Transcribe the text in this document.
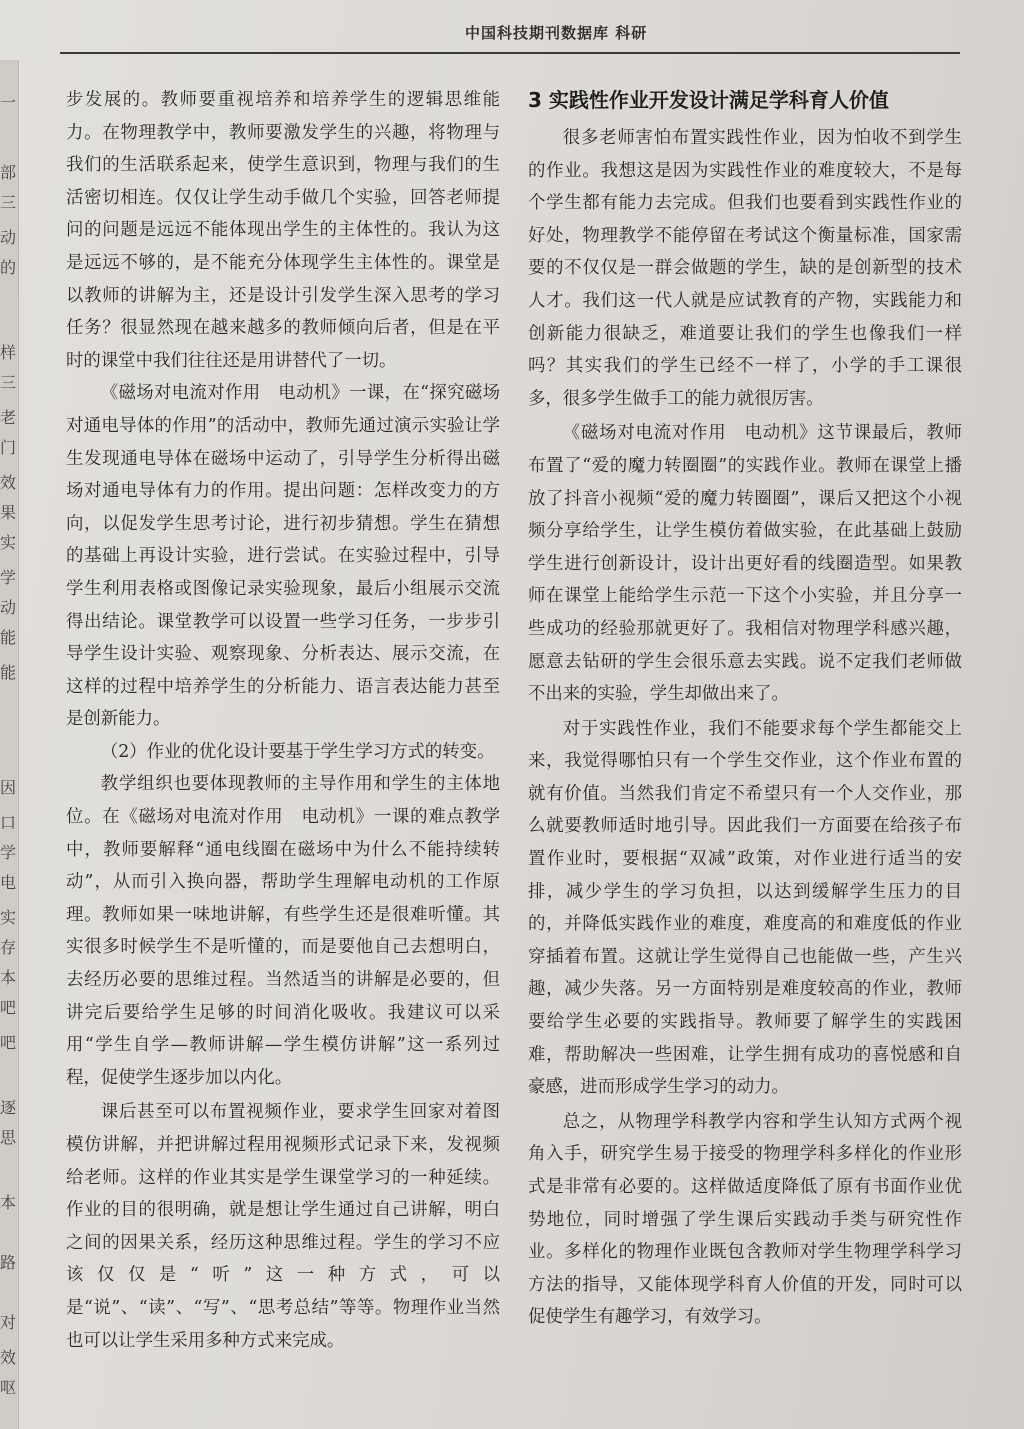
一
部
三
动
的
样
三
老
门
效
果
实
学
动
能
能
因
口
学
电
实
存
本
吧
吧
逐
思
本
路
对
效
呕
中国科技期刊数据库 科研

步发展的。教师要重视培养和培养学生的逻辑思维能力。在物理教学中，教师要激发学生的兴趣，将物理与我们的生活联系起来，使学生意识到，物理与我们的生活密切相连。仅仅让学生动手做几个实验，回答老师提问的问题是远远不能体现出学生的主体性的。我认为这是远远不够的，是不能充分体现学生主体性的。课堂是以教师的讲解为主，还是设计引发学生深入思考的学习任务？很显然现在越来越多的教师倾向后者，但是在平时的课堂中我们往往还是用讲替代了一切。

《磁场对电流对作用　电动机》一课，在“探究磁场对通电导体的作用”的活动中，教师先通过演示实验让学生发现通电导体在磁场中运动了，引导学生分析得出磁场对通电导体有力的作用。提出问题：怎样改变力的方向，以促发学生思考讨论，进行初步猜想。学生在猜想的基础上再设计实验，进行尝试。在实验过程中，引导学生利用表格或图像记录实验现象，最后小组展示交流得出结论。课堂教学可以设置一些学习任务，一步步引导学生设计实验、观察现象、分析表达、展示交流，在这样的过程中培养学生的分析能力、语言表达能力甚至是创新能力。

（2）作业的优化设计要基于学生学习方式的转变。

教学组织也要体现教师的主导作用和学生的主体地位。在《磁场对电流对作用　电动机》一课的难点教学中，教师要解释“通电线圈在磁场中为什么不能持续转动”，从而引入换向器，帮助学生理解电动机的工作原理。教师如果一味地讲解，有些学生还是很难听懂。其实很多时候学生不是听懂的，而是要他自己去想明白，去经历必要的思维过程。当然适当的讲解是必要的，但讲完后要给学生足够的时间消化吸收。我建议可以采用“学生自学—教师讲解—学生模仿讲解”这一系列过程，促使学生逐步加以内化。

课后甚至可以布置视频作业，要求学生回家对着图模仿讲解，并把讲解过程用视频形式记录下来，发视频给老师。这样的作业其实是学生课堂学习的一种延续。作业的目的很明确，就是想让学生通过自己讲解，明白之间的因果关系，经历这种思维过程。学生的学习不应该仅仅是“听”这一种方式，可以是“说”、“读”、“写”、“思考总结”等等。物理作业当然也可以让学生采用多种方式来完成。

3 实践性作业开发设计满足学科育人价值

很多老师害怕布置实践性作业，因为怕收不到学生的作业。我想这是因为实践性作业的难度较大，不是每个学生都有能力去完成。但我们也要看到实践性作业的好处，物理教学不能停留在考试这个衡量标准，国家需要的不仅仅是一群会做题的学生，缺的是创新型的技术人才。我们这一代人就是应试教育的产物，实践能力和创新能力很缺乏，难道要让我们的学生也像我们一样吗？其实我们的学生已经不一样了，小学的手工课很多，很多学生做手工的能力就很厉害。

《磁场对电流对作用　电动机》这节课最后，教师布置了“爱的魔力转圈圈”的实践作业。教师在课堂上播放了抖音小视频“爱的魔力转圈圈”，课后又把这个小视频分享给学生，让学生模仿着做实验，在此基础上鼓励学生进行创新设计，设计出更好看的线圈造型。如果教师在课堂上能给学生示范一下这个小实验，并且分享一些成功的经验那就更好了。我相信对物理学科感兴趣，愿意去钻研的学生会很乐意去实践。说不定我们老师做不出来的实验，学生却做出来了。

对于实践性作业，我们不能要求每个学生都能交上来，我觉得哪怕只有一个学生交作业，这个作业布置的就有价值。当然我们肯定不希望只有一个人交作业，那么就要教师适时地引导。因此我们一方面要在给孩子布置作业时，要根据“双减”政策，对作业进行适当的安排，减少学生的学习负担，以达到缓解学生压力的目的，并降低实践作业的难度，难度高的和难度低的作业穿插着布置。这就让学生觉得自己也能做一些，产生兴趣，减少失落。另一方面特别是难度较高的作业，教师要给学生必要的实践指导。教师要了解学生的实践困难，帮助解决一些困难，让学生拥有成功的喜悦感和自豪感，进而形成学生学习的动力。

总之，从物理学科教学内容和学生认知方式两个视角入手，研究学生易于接受的物理学科多样化的作业形式是非常有必要的。这样做适度降低了原有书面作业优势地位，同时增强了学生课后实践动手类与研究性作业。多样化的物理作业既包含教师对学生物理学科学习方法的指导，又能体现学科育人价值的开发，同时可以促使学生有趣学习，有效学习。
